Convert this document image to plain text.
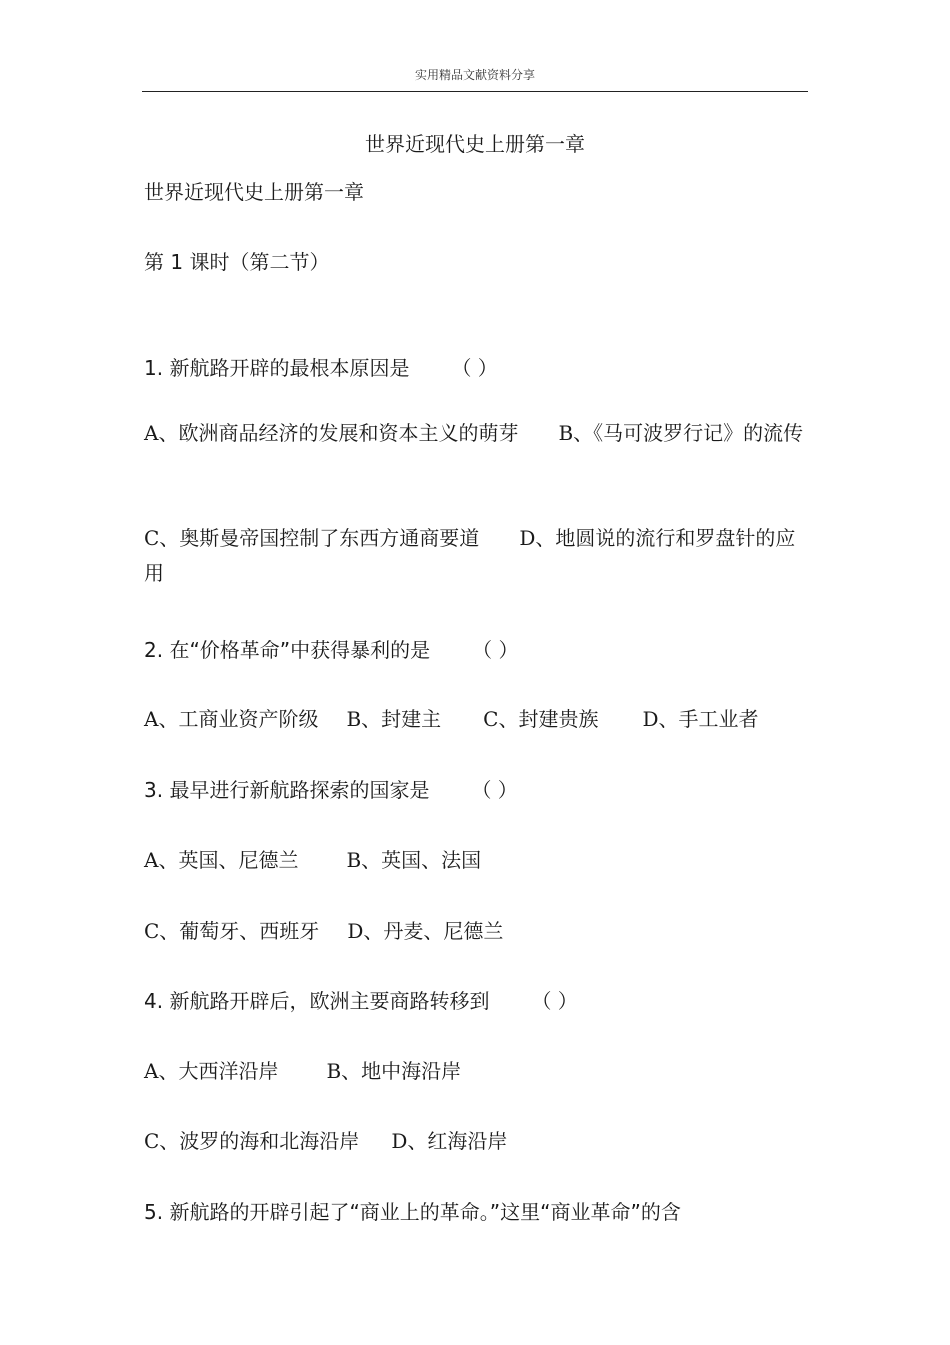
实用精品文献资料分享
世界近现代史上册第一章
世界近现代史上册第一章
第 1 课时（第二节）
1. 新航路开辟的最根本原因是 （ ）
A、欧洲商品经济的发展和资本主义的萌芽 B、《马可波罗行记》的流传
C、奥斯曼帝国控制了东西方通商要道 D、地圆说的流行和罗盘针的应用
2. 在“价格革命”中获得暴利的是 （ ）
A、工商业资产阶级 B、封建主 C、封建贵族 D、手工业者
3. 最早进行新航路探索的国家是 （ ）
A、英国、尼德兰 B、英国、法国
C、葡萄牙、西班牙 D、丹麦、尼德兰
4. 新航路开辟后，欧洲主要商路转移到 （ ）
A、大西洋沿岸 B、地中海沿岸
C、波罗的海和北海沿岸 D、红海沿岸
5. 新航路的开辟引起了“商业上的革命。”这里“商业革命”的含
